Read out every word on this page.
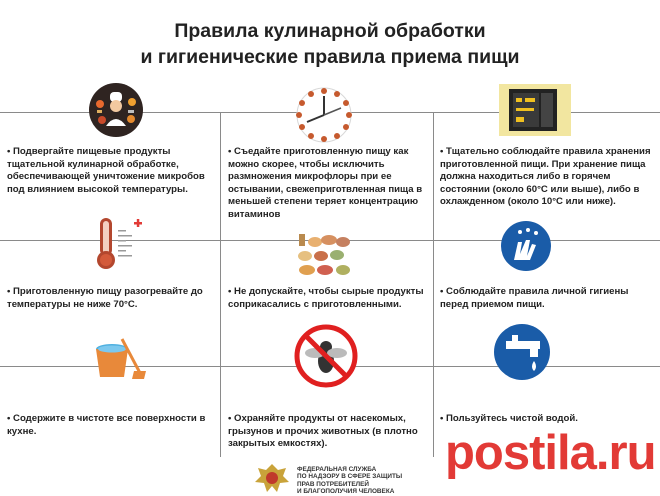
Правила кулинарной обработки
и гигиенические правила приема пищи
• Подвергайте пищевые продукты тщательной кулинарной обработке, обеспечивающей уничтожение микробов под влиянием высокой температуры.
• Съедайте приготовленную пищу как можно скорее, чтобы исключить размножения микрофлоры при ее остывании, свежеприготвленная пища в меньшей степени теряет концентрацию витаминов
• Тщательно соблюдайте правила хранения приготовленной пищи. При хранение пища должна находиться либо в горячем состоянии (около 60°С или выше), либо в охлажденном (около 10°С или ниже).
• Приготовленную пищу разогревайте до температуры не ниже 70°С.
• Не допускайте, чтобы сырые продукты соприкасались с приготовленными.
• Соблюдайте правила личной гигиены перед приемом пищи.
• Содержите в чистоте все поверхности в кухне.
• Охраняйте продукты от насекомых, грызунов и прочих животных (в плотно закрытых емкостях).
• Пользуйтесь чистой водой.
ФЕДЕРАЛЬНАЯ СЛУЖБА
ПО НАДЗОРУ В СФЕРЕ ЗАЩИТЫ
ПРАВ ПОТРЕБИТЕЛЕЙ
И БЛАГОПОЛУЧИЯ ЧЕЛОВЕКА
postila.ru
